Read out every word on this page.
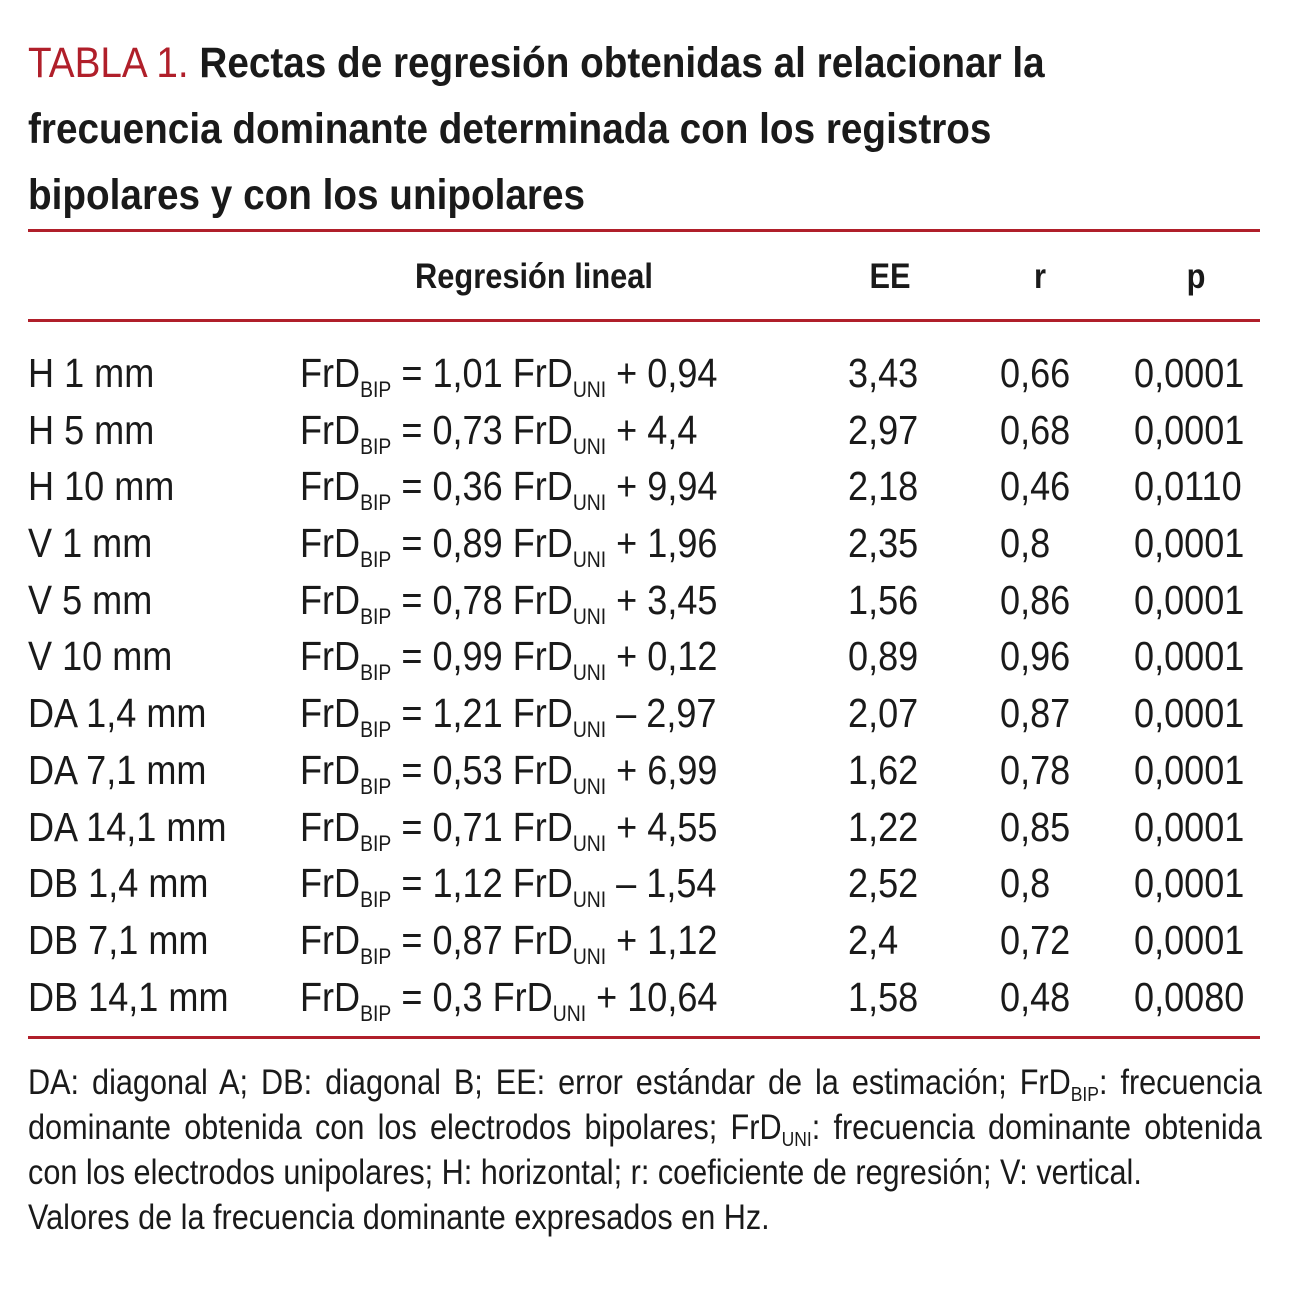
TABLA 1. Rectas de regresión obtenidas al relacionar la frecuencia dominante determinada con los registros bipolares y con los unipolares
Regresión lineal	EE	r	p
H 1 mm	FrD$_{BIP}$ = 1,01 FrD$_{UNI}$ + 0,94	3,43 0,66 0,0001
H 5 mm	FrD$_{BIP}$ = 0,73 FrD$_{UNI}$ + 4,4	2,97 0,68 0,0001
H 10 mm	FrD$_{BIP}$ = 0,36 FrD$_{UNI}$ + 9,94	2,18 0,46 0,0110
V 1 mm	FrD$_{BIP}$ = 0,89 FrD$_{UNI}$ + 1,96	2,35 0,8 0,0001
V 5 mm	FrD$_{BIP}$ = 0,78 FrD$_{UNI}$ + 3,45	1,56 0,86 0,0001
V 10 mm	FrD$_{BIP}$ = 0,99 FrD$_{UNI}$ + 0,12	0,89 0,96 0,0001
DA 1,4 mm FrD$_{BIP}$ = 1,21 FrD$_{UNI}$ – 2,97	2,07 0,87 0,0001
DA 7,1 mm FrD$_{BIP}$ = 0,53 FrD$_{UNI}$ + 6,99	1,62 0,78 0,0001
DA 14,1 mm FrD$_{BIP}$ = 0,71 FrD$_{UNI}$ + 4,55	1,22 0,85 0,0001
DB 1,4 mm FrD$_{BIP}$ = 1,12 FrD$_{UNI}$ – 1,54	2,52 0,8 0,0001
DB 7,1 mm FrD$_{BIP}$ = 0,87 FrD$_{UNI}$ + 1,12	2,4 0,72 0,0001
DB 14,1 mm FrD$_{BIP}$ = 0,3 FrD$_{UNI}$ + 10,64	1,58 0,48 0,0080

DA: diagonal A; DB: diagonal B; EE: error estándar de la estimación; FrD$_{BIP}$: frecuencia dominante obtenida con los electrodos bipolares; FrD$_{UNI}$: frecuencia dominante obtenida con los electrodos unipolares; H: horizontal; r: coeficiente de regresión; V: vertical.

Valores de la frecuencia dominante expresados en Hz.
